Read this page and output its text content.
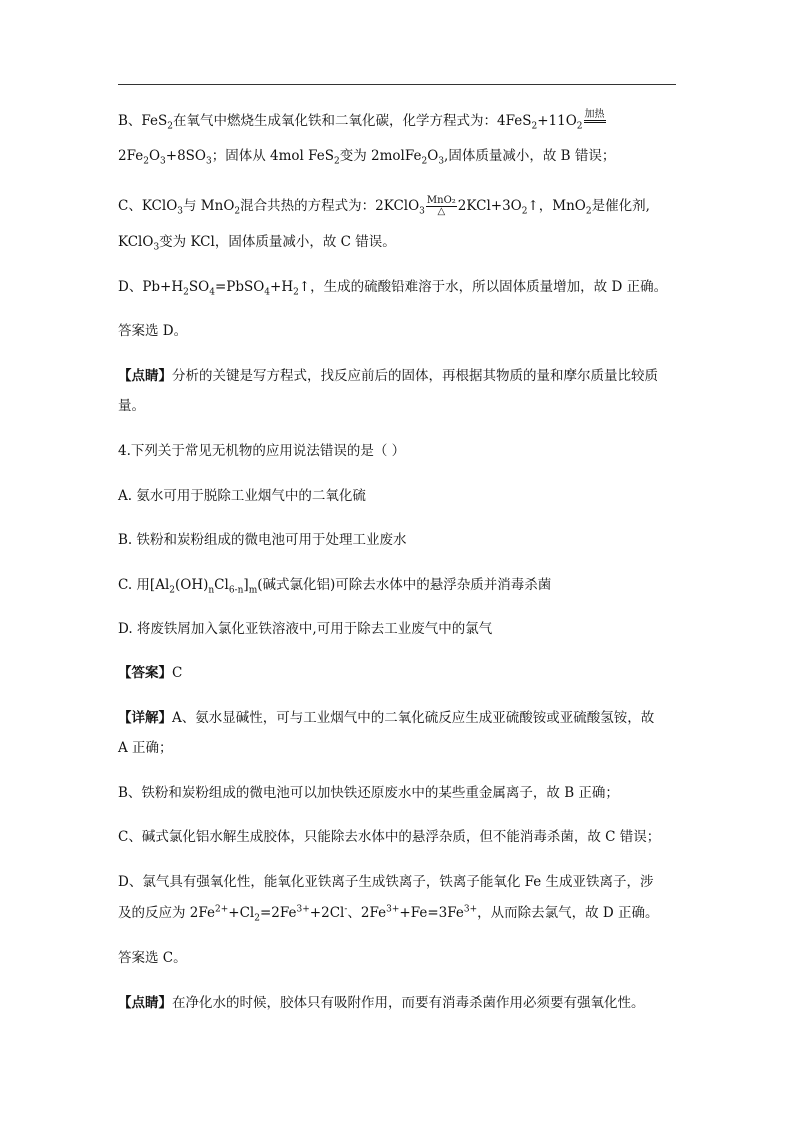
B、FeS$_2$在氧气中燃烧生成氧化铁和二氧化碳，化学方程式为：$4FeS_2+11O_2$
加热
$2Fe_2O_3+8SO_3$；固体从 4mol FeS$_2$变为 $2molFe_2O_3$,固体质量减小，故 B 错误；
C、KClO$_3$与 MnO$_2$混合共热的方程式为：2KClO$_3$
MnO₂
△ $2KCl+3O_2↑$，MnO$_2$是催化剂,
KClO$_3$变为 KCl，固体质量减小，故 C 错误。
D、$Pb+H_2SO_4=PbSO_4+H_2↑$，生成的硫酸铅难溶于水，所以固体质量增加，故 D 正确。
答案选 D。
【点睛】分析的关键是写方程式，找反应前后的固体，再根据其物质的量和摩尔质量比较质
量。
4.下列关于常见无机物的应用说法错误的是（ ）
A. 氨水可用于脱除工业烟气中的二氧化硫
B. 铁粉和炭粉组成的微电池可用于处理工业废水
C. 用$[Al_2(OH)_nCl_{6-n}]_m$(碱式氯化铝)可除去水体中的悬浮杂质并消毒杀菌
D. 将废铁屑加入氯化亚铁溶液中,可用于除去工业废气中的氯气
【答案】C
【详解】A、氨水显碱性，可与工业烟气中的二氧化硫反应生成亚硫酸铵或亚硫酸氢铵，故
A 正确；
B、铁粉和炭粉组成的微电池可以加快铁还原废水中的某些重金属离子，故 B 正确；
C、碱式氯化铝水解生成胶体，只能除去水体中的悬浮杂质，但不能消毒杀菌，故 C 错误；
D、氯气具有强氧化性，能氧化亚铁离子生成铁离子，铁离子能氧化 Fe 生成亚铁离子，涉
及的反应为 $2Fe^{2+}+Cl_2=2Fe^{3+}+2Cl^-$、$2Fe^{3+}+Fe=3Fe^{3+}$，从而除去氯气，故 D 正确。
答案选 C。
【点睛】在净化水的时候，胶体只有吸附作用，而要有消毒杀菌作用必须要有强氧化性。
